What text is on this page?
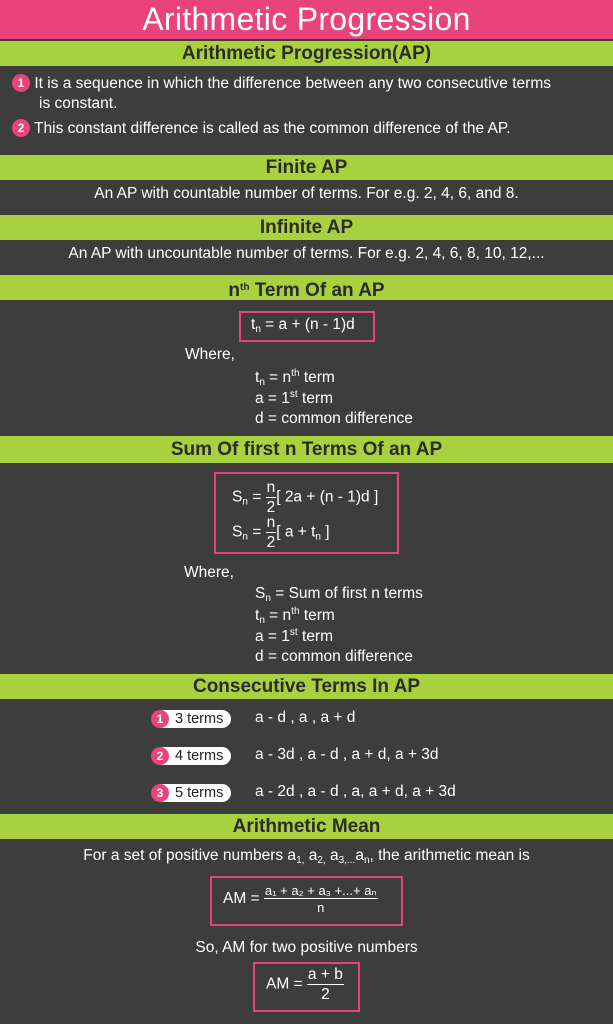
Arithmetic Progression
Arithmetic Progression(AP)
1 It is a sequence in which the difference between any two consecutive terms
is constant.
2 This constant difference is called as the common difference of the AP.
Finite AP
An AP with countable number of terms. For e.g. 2, 4, 6, and 8.
Infinite AP
An AP with uncountable number of terms. For e.g. 2, 4, 6, 8, 10, 12,...
$n^{th}$ Term Of an AP
$t_n = a + (n - 1)d$
Where,
$t_n = n^{th}$ term
a = 1st term
d = common difference
Sum Of first n Terms Of an AP
$S_n = \frac{n}{2}$ [ 2a + (n - 1)d ]
$S_n = \frac{n}{2}$ [ $a + t_n$ ]
Where,
$S_n$ = Sum of first n terms
$t_n = n^{th}$ term
a = 1st term
d = common difference
Consecutive Terms In AP
1 3 terms	a - d , a , a + d
2 4 terms	a - 3d , a - d , a + d, a + 3d
3 5 terms	a - 2d , a - d , a, a + d, a + 3d
Arithmetic Mean
For a set of positive numbers $a_{1,}$ $a_{2,}$ $a_{3,...}a_n$, the arithmetic mean is
AM = $\frac{\text{a₁ + a₂ + a₃ +...+ aₙ}}{n}$
So, AM for two positive numbers
AM = $\frac{a + b}{2}$
